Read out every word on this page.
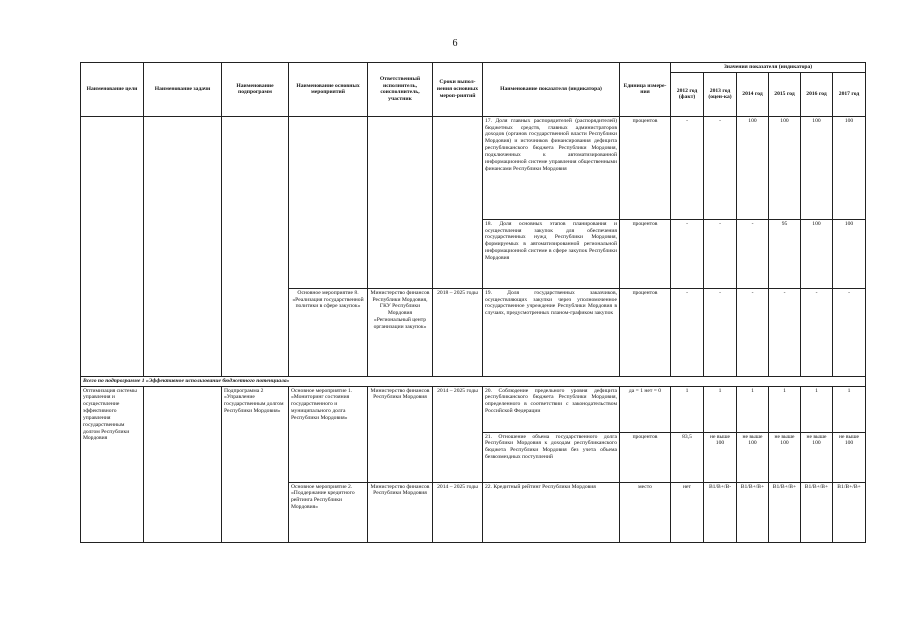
6
Наименование цели	Наименование задачи	Наименование подпрограмм	Наименование основных мероприятий	Ответственный исполнитель, соисполнитель, участник	Сроки выпол-нения основных мероп-риятий	Наименование показателя (индикатора)	Единица измере-ния	Значения показателя (индикатора)					
								2012 год (факт)	2013 год (оцен-ка)	2014 год	2015 год	2016 год	2017 год
						17. Доля главных распорядителей (распорядителей) бюджетных средств, главных администраторов доходов (органов государственной власти Республики Мордовия) и источников финансирования дефицита республиканского бюджета Республики Мордовия, подключенных к автоматизированной информационной системе управления общественными финансами Республики Мордовия	процентов	-	-	100	100	100	100
						18. Доля основных этапов планирования и осуществления закупок для обеспечения государственных нужд Республики Мордовия, формируемых в автоматизированной региональной информационной системе в сфере закупок Республики Мордовия	процентов	-	-	-	95	100	100
			Основное мероприятие 8. «Реализация государственной политики в сфере закупок»	Министерство финансов Республики Мордовия, ГКУ Республики Мордовия «Региональный центр организации закупок»	2018 – 2025 годы	19. Доля государственных заказчиков, осуществляющих закупки через уполномоченное государственное учреждение Республики Мордовия в случаях, предусмотренных планом-графиком закупок	процентов	-	-	-	-	-	-
Всего по подпрограмме 1 «Эффективное использование бюджетного потенциала»													
Оптимизация системы управления и осуществление эффективного управления государственным долгом Республики Мордовия		Подпрограмма 2 «Управление государственным долгом Республики Мордовия»	Основное мероприятие 1. «Мониторинг состояния государственного и муниципального долга Республики Мордовия»	Министерство финансов Республики Мордовия	2014 – 2025 годы	20. Соблюдение предельного уровня дефицита республиканского бюджета Республики Мордовия, определенного в соответствии с законодательством Российской Федерации	да = 1 нет = 0	1	1	1	1	1	1
						21. Отношение объема государственного долга Республики Мордовия к доходам республиканского бюджета Республики Мордовия без учета объема безвозмездных поступлений	процентов	83,5	не выше 100	не выше 100	не выше 100	не выше 100	не выше 100
			Основное мероприятие 2. «Поддержание кредитного рейтинга Республики Мордовия»	Министерство финансов Республики Мордовия	2014 – 2025 годы	22. Кредитный рейтинг Республики Мордовия	место	нет	B1/B+/B-	B1/B+/B+	B1/B+/B+	B1/B+/B+	B1/B+/B+
